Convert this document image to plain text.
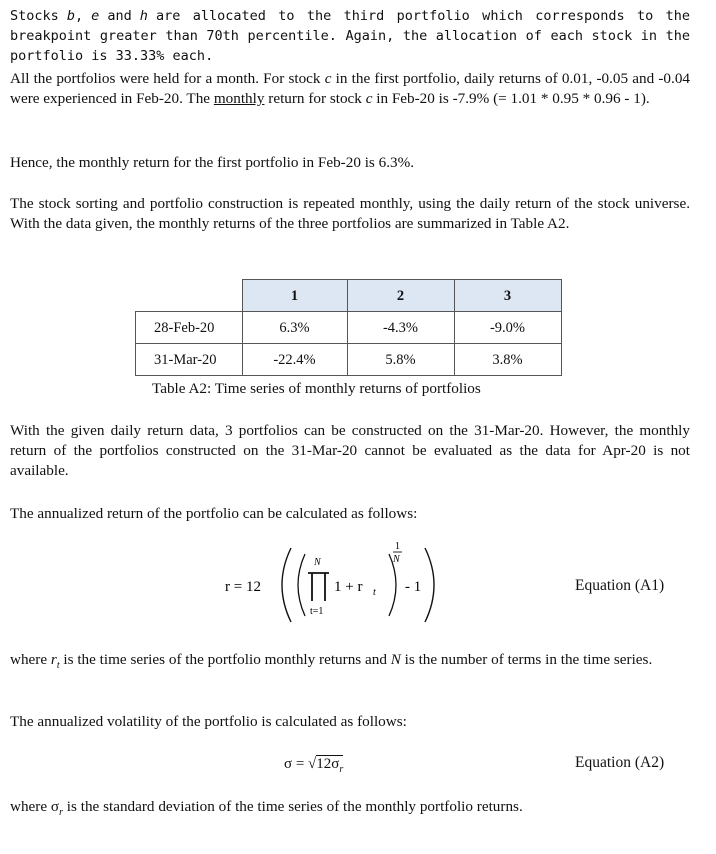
Stocks b, e and h are allocated to the third portfolio which corresponds to the breakpoint greater than 70th percentile. Again, the allocation of each stock in the portfolio is 33.33% each.

All the portfolios were held for a month. For stock c in the first portfolio, daily returns of 0.01, -0.05 and -0.04 were experienced in Feb-20. The monthly return for stock c in Feb-20 is -7.9% (= 1.01 * 0.95 * 0.96 - 1).

Hence, the monthly return for the first portfolio in Feb-20 is 6.3%.

The stock sorting and portfolio construction is repeated monthly, using the daily return of the stock universe. With the data given, the monthly returns of the three portfolios are summarized in Table A2.

	1	2	3
28-Feb-20	6.3%	-4.3%	-9.0%
31-Mar-20	-22.4%	5.8%	3.8%
Table A2: Time series of monthly returns of portfolios

With the given daily return data, 3 portfolios can be constructed on the 31-Mar-20. However, the monthly return of the portfolios constructed on the 31-Mar-20 cannot be evaluated as the data for Apr-20 is not available.

The annualized return of the portfolio can be calculated as follows:

r = 12
N
t=1
1 + r t
1
N
- 1	Equation (A1)

where $r_t$ is the time series of the portfolio monthly returns and N is the number of terms in the time series.

The annualized volatility of the portfolio is calculated as follows:

$\sigma = √12\sigma_r$	Equation (A2)

where $\sigma_r$ is the standard deviation of the time series of the monthly portfolio returns.
